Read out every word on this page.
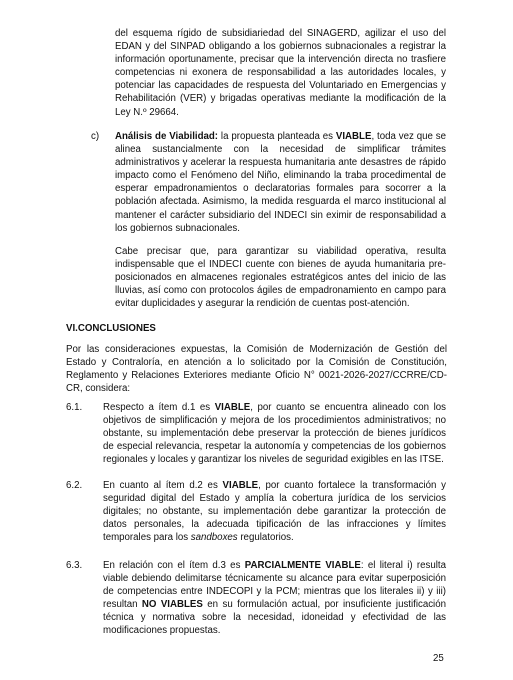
del esquema rígido de subsidiariedad del SINAGERD, agilizar el uso del EDAN y del SINPAD obligando a los gobiernos subnacionales a registrar la información oportunamente, precisar que la intervención directa no trasfiere competencias ni exonera de responsabilidad a las autoridades locales, y potenciar las capacidades de respuesta del Voluntariado en Emergencias y Rehabilitación (VER) y brigadas operativas mediante la modificación de la Ley N.º 29664.

c) Análisis de Viabilidad: la propuesta planteada es VIABLE, toda vez que se alinea sustancialmente con la necesidad de simplificar trámites administrativos y acelerar la respuesta humanitaria ante desastres de rápido impacto como el Fenómeno del Niño, eliminando la traba procedimental de esperar empadronamientos o declaratorias formales para socorrer a la población afectada. Asimismo, la medida resguarda el marco institucional al mantener el carácter subsidiario del INDECI sin eximir de responsabilidad a los gobiernos subnacionales.

Cabe precisar que, para garantizar su viabilidad operativa, resulta indispensable que el INDECI cuente con bienes de ayuda humanitaria pre-posicionados en almacenes regionales estratégicos antes del inicio de las lluvias, así como con protocolos ágiles de empadronamiento en campo para evitar duplicidades y asegurar la rendición de cuentas post-atención.

VI.CONCLUSIONES

Por las consideraciones expuestas, la Comisión de Modernización de Gestión del Estado y Contraloría, en atención a lo solicitado por la Comisión de Constitución, Reglamento y Relaciones Exteriores mediante Oficio N° 0021-2026-2027/CCRRE/CD-CR, considera:

6.1. Respecto a ítem d.1 es VIABLE, por cuanto se encuentra alineado con los objetivos de simplificación y mejora de los procedimientos administrativos; no obstante, su implementación debe preservar la protección de bienes jurídicos de especial relevancia, respetar la autonomía y competencias de los gobiernos regionales y locales y garantizar los niveles de seguridad exigibles en las ITSE.

6.2. En cuanto al ítem d.2 es VIABLE, por cuanto fortalece la transformación y seguridad digital del Estado y amplía la cobertura jurídica de los servicios digitales; no obstante, su implementación debe garantizar la protección de datos personales, la adecuada tipificación de las infracciones y límites temporales para los sandboxes regulatorios.

6.3. En relación con el ítem d.3 es PARCIALMENTE VIABLE: el literal i) resulta viable debiendo delimitarse técnicamente su alcance para evitar superposición de competencias entre INDECOPI y la PCM; mientras que los literales ii) y iii) resultan NO VIABLES en su formulación actual, por insuficiente justificación técnica y normativa sobre la necesidad, idoneidad y efectividad de las modificaciones propuestas.

25
